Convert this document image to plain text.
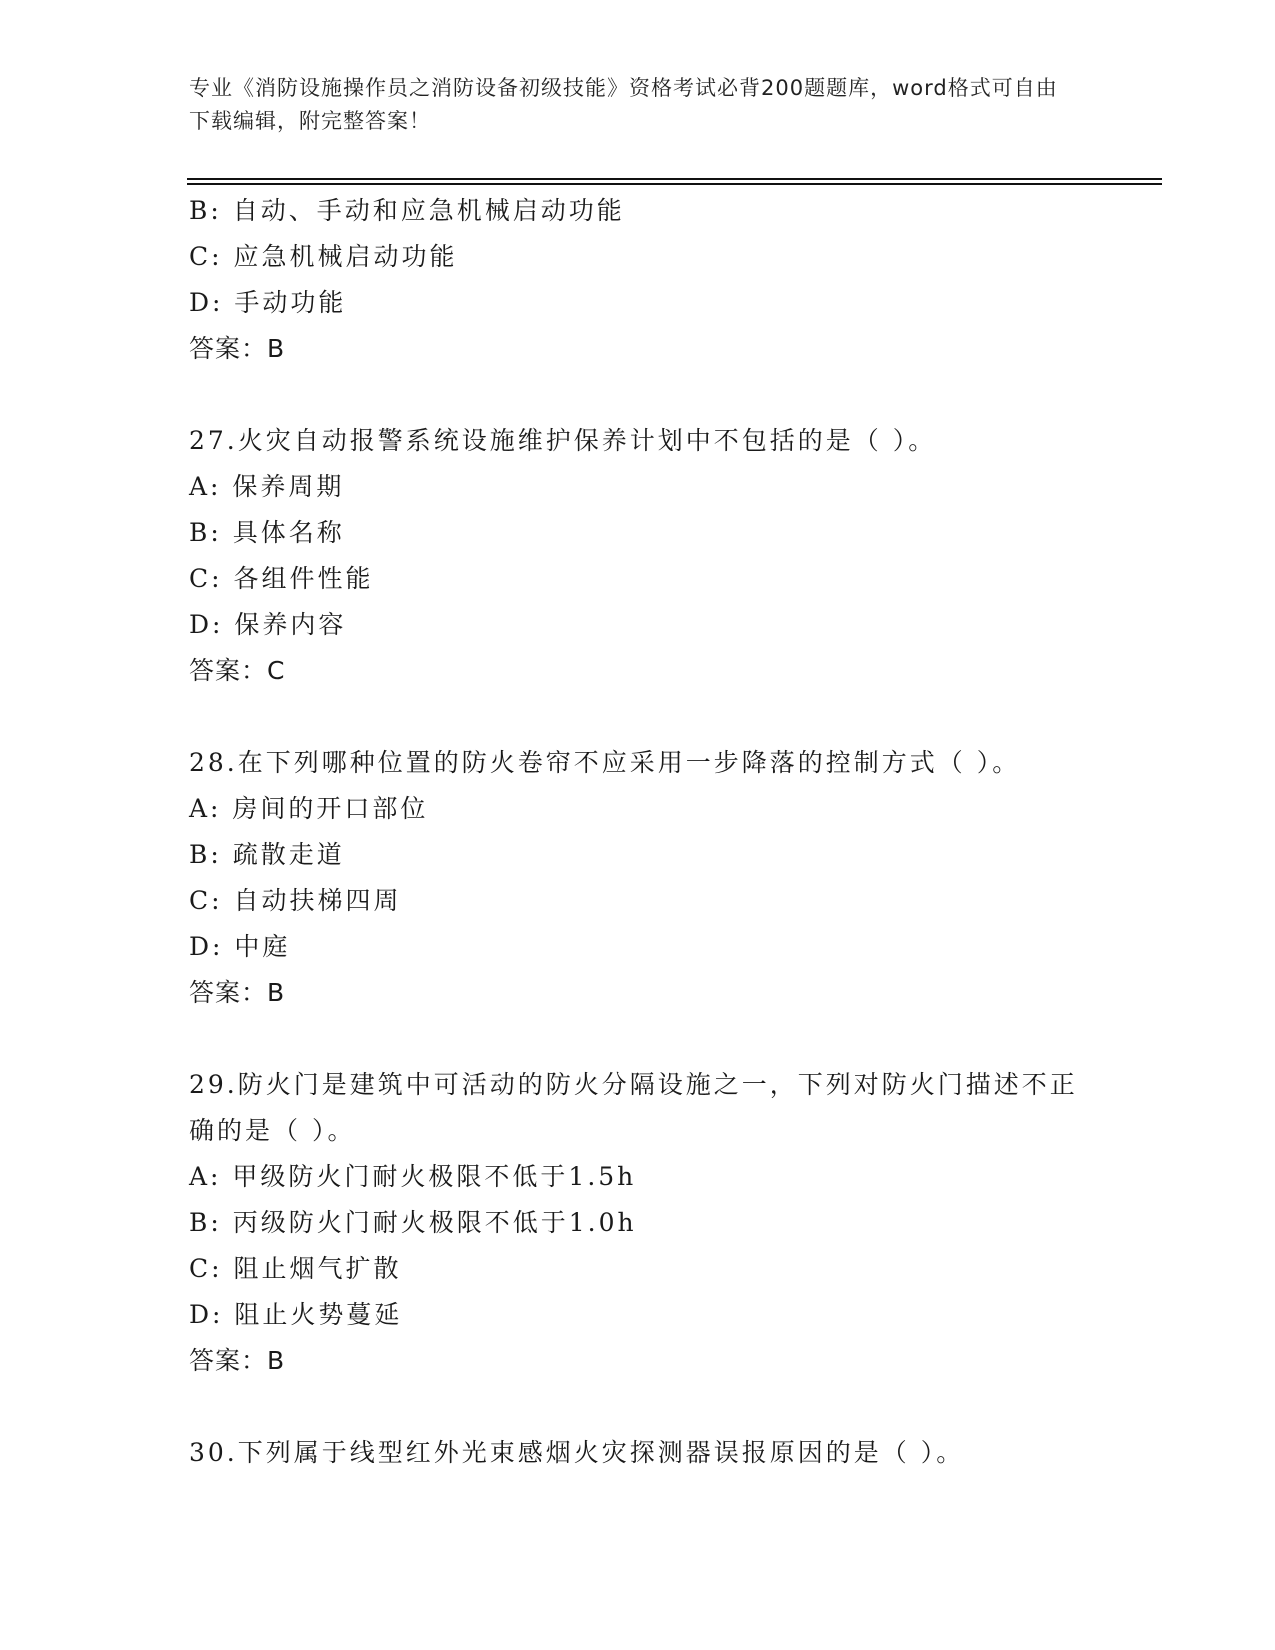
专业《消防设施操作员之消防设备初级技能》资格考试必背200题题库，word格式可自由下载编辑，附完整答案！
B: 自动、手动和应急机械启动功能
C: 应急机械启动功能
D: 手动功能
答案：B
27.火灾自动报警系统设施维护保养计划中不包括的是（ ）。
A: 保养周期
B: 具体名称
C: 各组件性能
D: 保养内容
答案：C
28.在下列哪种位置的防火卷帘不应采用一步降落的控制方式（ ）。
A: 房间的开口部位
B: 疏散走道
C: 自动扶梯四周
D: 中庭
答案：B
29.防火门是建筑中可活动的防火分隔设施之一，下列对防火门描述不正确的是（ ）。
A: 甲级防火门耐火极限不低于1.5h
B: 丙级防火门耐火极限不低于1.0h
C: 阻止烟气扩散
D: 阻止火势蔓延
答案：B
30.下列属于线型红外光束感烟火灾探测器误报原因的是（ ）。
